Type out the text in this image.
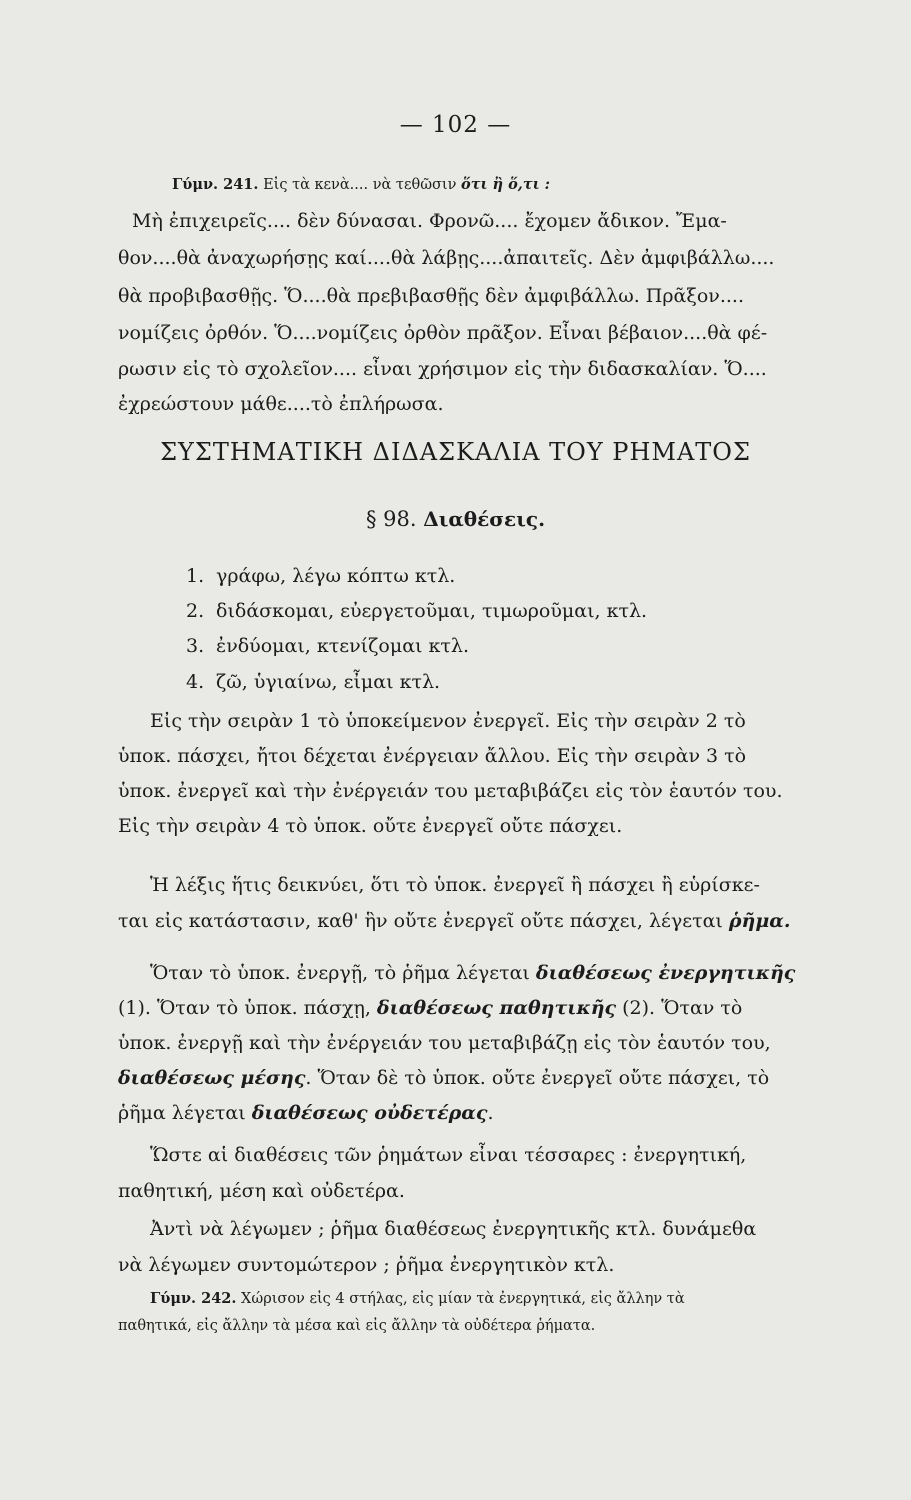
— 102 —
Γύμν. 241. Εἰς τὰ κενὰ.... νὰ τεθῶσιν ὅτι ἢ ὅ,τι :
Μὴ ἐπιχειρεῖς.... δὲν δύνασαι. Φρονῶ.... ἔχομεν ἄδικον. Ἔμα-
θον....θὰ ἀναχωρήσῃς καί....θὰ λάβῃς....ἀπαιτεῖς. Δὲν ἀμφιβάλλω....
θὰ προβιβασθῇς. Ὅ....θὰ πρεβιβασθῇς δὲν ἀμφιβάλλω. Πρᾶξον....
νομίζεις ὀρθόν. Ὅ....νομίζεις ὀρθὸν πρᾶξον. Εἶναι βέβαιον....θὰ φέ-
ρωσιν εἰς τὸ σχολεῖον.... εἶναι χρήσιμον εἰς τὴν διδασκαλίαν. Ὅ....
ἐχρεώστουν μάθε....τὸ ἐπλήρωσα.
ΣΥΣΤΗΜΑΤΙΚΗ ΔΙΔΑΣΚΑΛΙΑ ΤΟΥ ΡΗΜΑΤΟΣ
§ 98. Διαθέσεις.
1. γράφω, λέγω κόπτω κτλ.
2. διδάσκομαι, εὐεργετοῦμαι, τιμωροῦμαι, κτλ.
3. ἐνδύομαι, κτενίζομαι κτλ.
4. ζῶ, ὑγιαίνω, εἶμαι κτλ.
Εἰς τὴν σειρὰν 1 τὸ ὑποκείμενον ἐνεργεῖ. Εἰς τὴν σειρὰν 2 τὸ
ὑποκ. πάσχει, ἤτοι δέχεται ἐνέργειαν ἄλλου. Εἰς τὴν σειρὰν 3 τὸ
ὑποκ. ἐνεργεῖ καὶ τὴν ἐνέργειάν του μεταβιβάζει εἰς τὸν ἑαυτόν του.
Εἰς τὴν σειρὰν 4 τὸ ὑποκ. οὔτε ἐνεργεῖ οὔτε πάσχει.
Ἡ λέξις ἥτις δεικνύει, ὅτι τὸ ὑποκ. ἐνεργεῖ ἢ πάσχει ἢ εὑρίσκε-
ται εἰς κατάστασιν, καθ' ἣν οὔτε ἐνεργεῖ οὔτε πάσχει, λέγεται ῥῆμα.
Ὅταν τὸ ὑποκ. ἐνεργῇ, τὸ ῥῆμα λέγεται διαθέσεως ἐνεργητικῆς
(1). Ὅταν τὸ ὑποκ. πάσχῃ, διαθέσεως παθητικῆς (2). Ὅταν τὸ
ὑποκ. ἐνεργῇ καὶ τὴν ἐνέργειάν του μεταβιβάζῃ εἰς τὸν ἑαυτόν του,
διαθέσεως μέσης. Ὅταν δὲ τὸ ὑποκ. οὔτε ἐνεργεῖ οὔτε πάσχει, τὸ
ῥῆμα λέγεται διαθέσεως οὐδετέρας.
Ὥστε αἱ διαθέσεις τῶν ῥημάτων εἶναι τέσσαρες : ἐνεργητική,
παθητική, μέση καὶ οὐδετέρα.
Ἀντὶ νὰ λέγωμεν ; ῥῆμα διαθέσεως ἐνεργητικῆς κτλ. δυνάμεθα
νὰ λέγωμεν συντομώτερον ; ῥῆμα ἐνεργητικὸν κτλ.
Γύμν. 242. Χώρισον εἰς 4 στήλας, εἰς μίαν τὰ ἐνεργητικά, εἰς ἄλλην τὰ
παθητικά, εἰς ἄλλην τὰ μέσα καὶ εἰς ἄλλην τὰ οὐδέτερα ῥήματα.
